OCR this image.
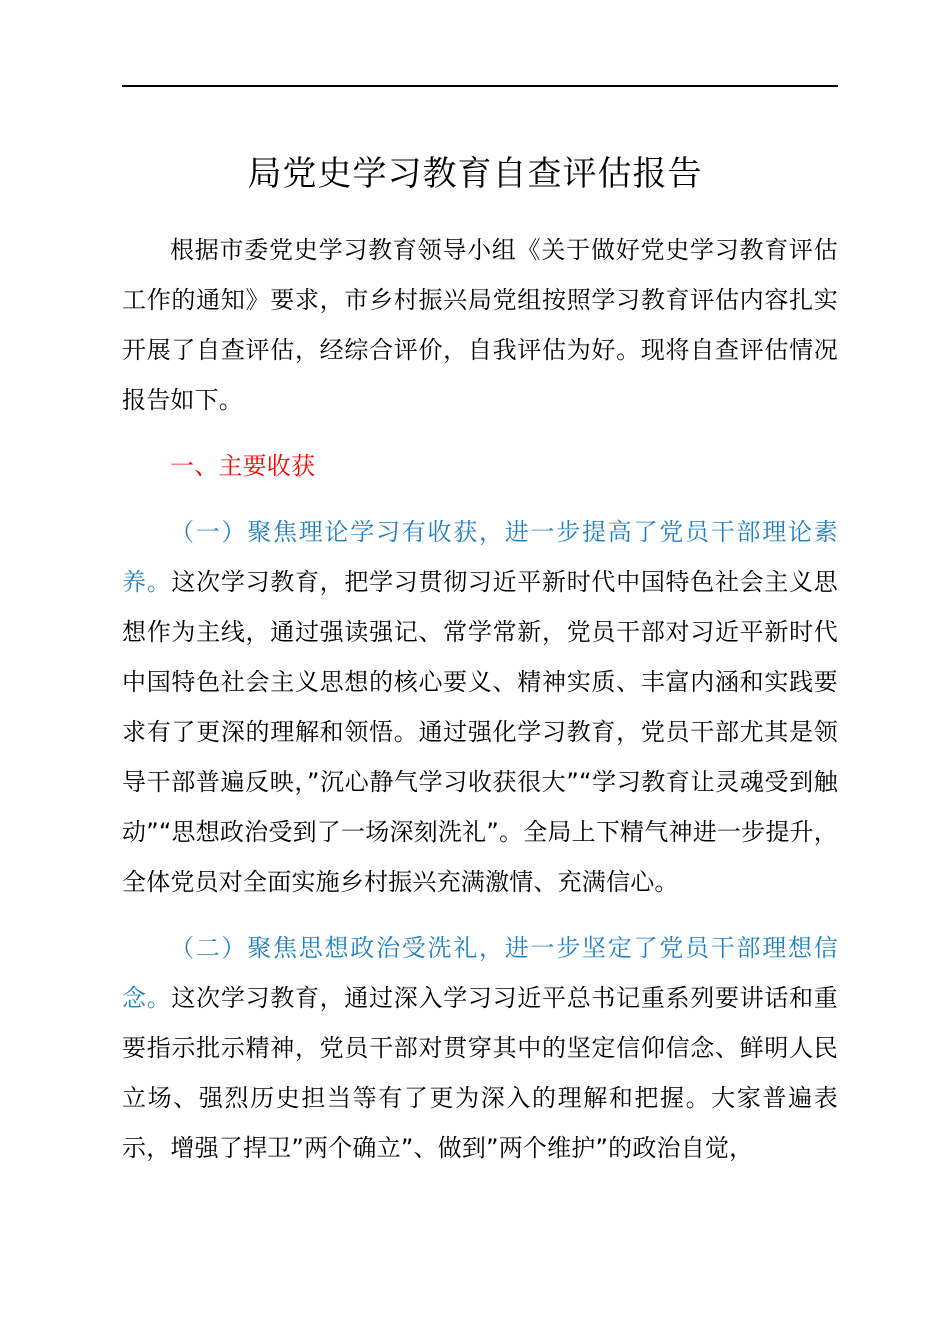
局党史学习教育自查评估报告

根据市委党史学习教育领导小组《关于做好党史学习教育评估工作的通知》要求，市乡村振兴局党组按照学习教育评估内容扎实开展了自查评估，经综合评价，自我评估为好。现将自查评估情况报告如下。

一、主要收获

（一）聚焦理论学习有收获，进一步提高了党员干部理论素养。这次学习教育，把学习贯彻习近平新时代中国特色社会主义思想作为主线，通过强读强记、常学常新，党员干部对习近平新时代中国特色社会主义思想的核心要义、精神实质、丰富内涵和实践要求有了更深的理解和领悟。通过强化学习教育，党员干部尤其是领导干部普遍反映，”沉心静气学习收获很大”“学习教育让灵魂受到触动”“思想政治受到了一场深刻洗礼”。全局上下精气神进一步提升，全体党员对全面实施乡村振兴充满激情、充满信心。

（二）聚焦思想政治受洗礼，进一步坚定了党员干部理想信念。这次学习教育，通过深入学习习近平总书记重系列要讲话和重要指示批示精神，党员干部对贯穿其中的坚定信仰信念、鲜明人民立场、强烈历史担当等有了更为深入的理解和把握。大家普遍表示，增强了捍卫”两个确立”、做到”两个维护”的政治自觉，
